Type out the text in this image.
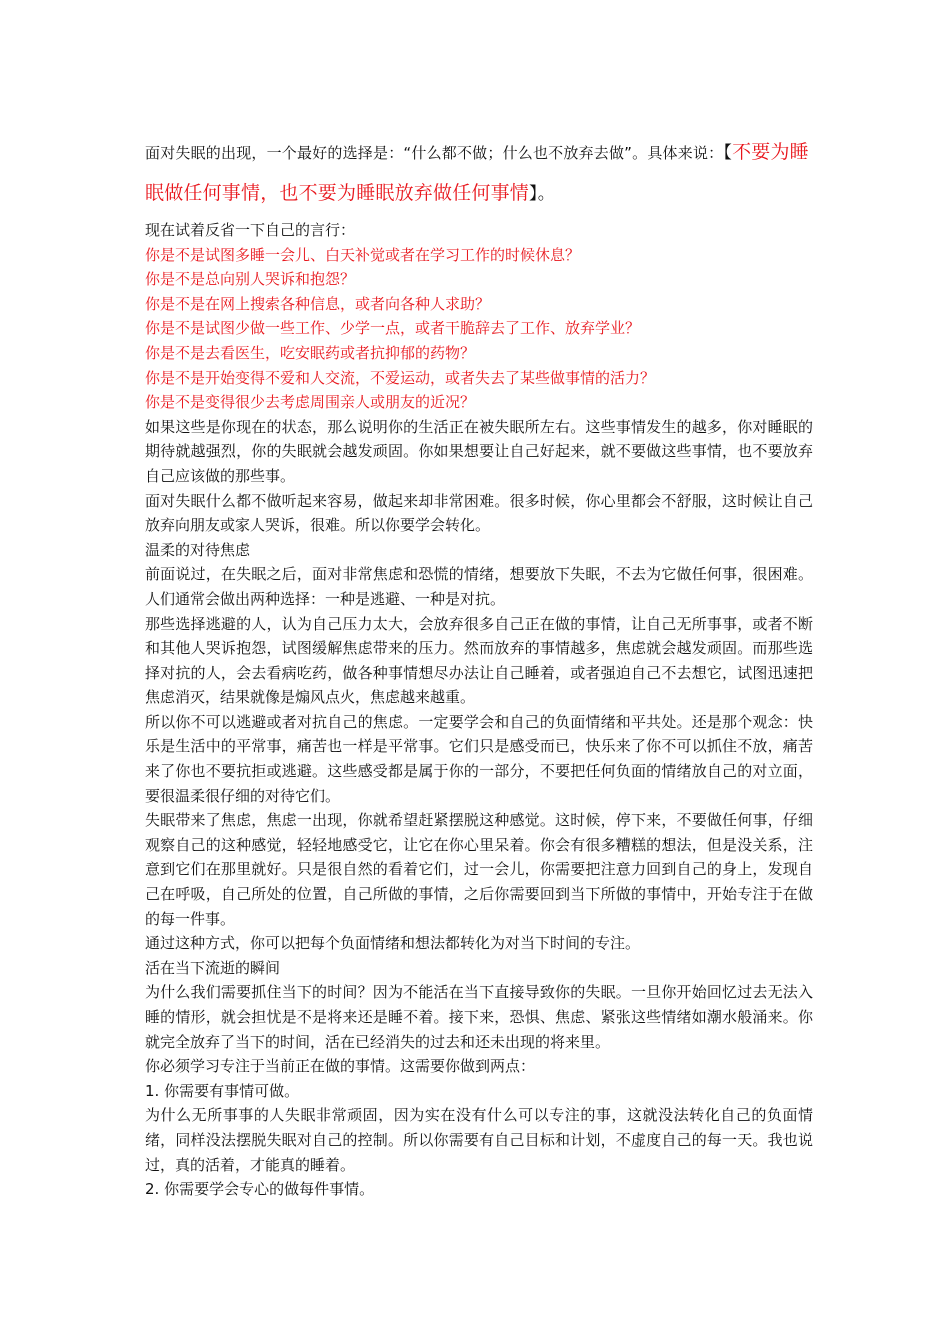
面对失眠的出现，一个最好的选择是：“什么都不做；什么也不放弃去做”。具体来说：【不要为睡眠做任何事情，也不要为睡眠放弃做任何事情】。

现在试着反省一下自己的言行：

你是不是试图多睡一会儿、白天补觉或者在学习工作的时候休息？

你是不是总向别人哭诉和抱怨？

你是不是在网上搜索各种信息，或者向各种人求助？

你是不是试图少做一些工作、少学一点，或者干脆辞去了工作、放弃学业？

你是不是去看医生，吃安眠药或者抗抑郁的药物？

你是不是开始变得不爱和人交流，不爱运动，或者失去了某些做事情的活力？

你是不是变得很少去考虑周围亲人或朋友的近况？

如果这些是你现在的状态，那么说明你的生活正在被失眠所左右。这些事情发生的越多，你对睡眠的期待就越强烈，你的失眠就会越发顽固。你如果想要让自己好起来，就不要做这些事情，也不要放弃自己应该做的那些事。

面对失眠什么都不做听起来容易，做起来却非常困难。很多时候，你心里都会不舒服，这时候让自己放弃向朋友或家人哭诉，很难。所以你要学会转化。

温柔的对待焦虑

前面说过，在失眠之后，面对非常焦虑和恐慌的情绪，想要放下失眠，不去为它做任何事，很困难。人们通常会做出两种选择：一种是逃避、一种是对抗。

那些选择逃避的人，认为自己压力太大，会放弃很多自己正在做的事情，让自己无所事事，或者不断和其他人哭诉抱怨，试图缓解焦虑带来的压力。然而放弃的事情越多，焦虑就会越发顽固。而那些选择对抗的人，会去看病吃药，做各种事情想尽办法让自己睡着，或者强迫自己不去想它，试图迅速把焦虑消灭，结果就像是煽风点火，焦虑越来越重。

所以你不可以逃避或者对抗自己的焦虑。一定要学会和自己的负面情绪和平共处。还是那个观念：快乐是生活中的平常事，痛苦也一样是平常事。它们只是感受而已，快乐来了你不可以抓住不放，痛苦来了你也不要抗拒或逃避。这些感受都是属于你的一部分，不要把任何负面的情绪放自己的对立面，要很温柔很仔细的对待它们。

失眠带来了焦虑，焦虑一出现，你就希望赶紧摆脱这种感觉。这时候，停下来，不要做任何事，仔细观察自己的这种感觉，轻轻地感受它，让它在你心里呆着。你会有很多糟糕的想法，但是没关系，注意到它们在那里就好。只是很自然的看着它们，过一会儿，你需要把注意力回到自己的身上，发现自己在呼吸，自己所处的位置，自己所做的事情，之后你需要回到当下所做的事情中，开始专注于在做的每一件事。

通过这种方式，你可以把每个负面情绪和想法都转化为对当下时间的专注。

活在当下流逝的瞬间

为什么我们需要抓住当下的时间？因为不能活在当下直接导致你的失眠。一旦你开始回忆过去无法入睡的情形，就会担忧是不是将来还是睡不着。接下来，恐惧、焦虑、紧张这些情绪如潮水般涌来。你就完全放弃了当下的时间，活在已经消失的过去和还未出现的将来里。

你必须学习专注于当前正在做的事情。这需要你做到两点：

1. 你需要有事情可做。

为什么无所事事的人失眠非常顽固，因为实在没有什么可以专注的事，这就没法转化自己的负面情绪，同样没法摆脱失眠对自己的控制。所以你需要有自己目标和计划，不虚度自己的每一天。我也说过，真的活着，才能真的睡着。

2. 你需要学会专心的做每件事情。
